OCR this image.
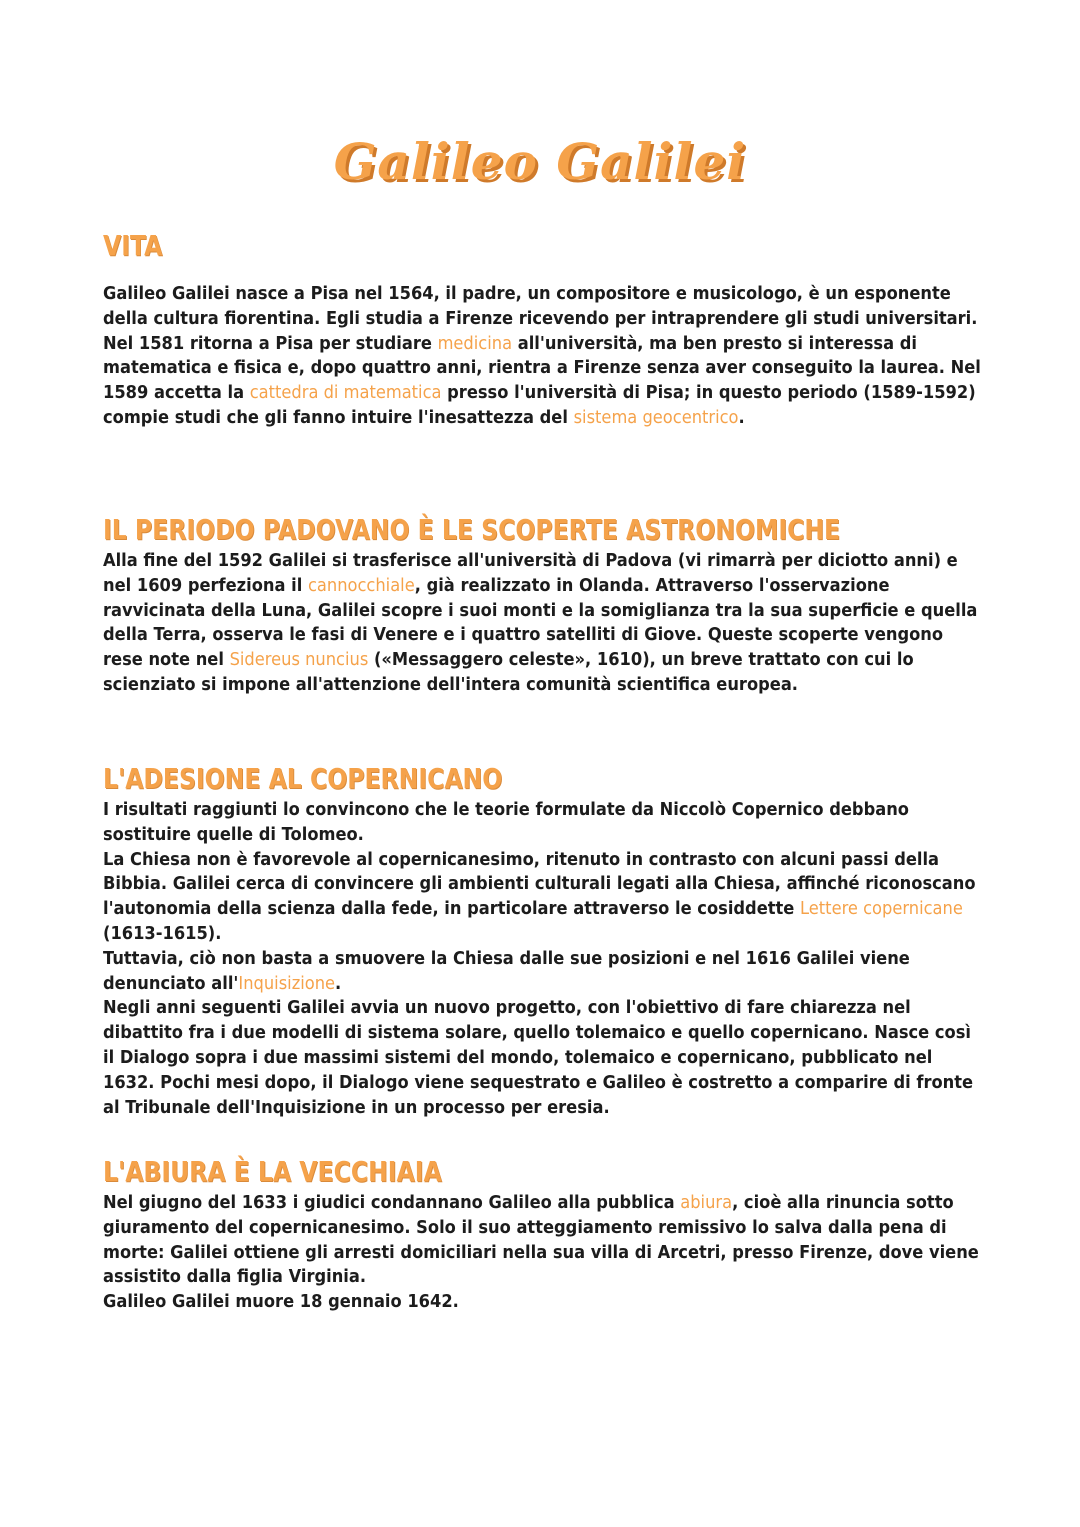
Galileo Galilei
VITA

Galileo Galilei nasce a Pisa nel 1564, il padre, un compositore e musicologo, è un esponente della cultura fiorentina. Egli studia a Firenze ricevendo per intraprendere gli studi universitari.

Nel 1581 ritorna a Pisa per studiare medicina all'università, ma ben presto si interessa di matematica e fisica e, dopo quattro anni, rientra a Firenze senza aver conseguito la laurea. Nel 1589 accetta la cattedra di matematica presso l'università di Pisa; in questo periodo (1589-1592) compie studi che gli fanno intuire l'inesattezza del sistema geocentrico.

IL PERIODO PADOVANO È LE SCOPERTE ASTRONOMICHE

Alla fine del 1592 Galilei si trasferisce all'università di Padova (vi rimarrà per diciotto anni) e nel 1609 perfeziona il cannocchiale, già realizzato in Olanda. Attraverso l'osservazione ravvicinata della Luna, Galilei scopre i suoi monti e la somiglianza tra la sua superficie e quella della Terra, osserva le fasi di Venere e i quattro satelliti di Giove. Queste scoperte vengono rese note nel Sidereus nuncius («Messaggero celeste», 1610), un breve trattato con cui lo scienziato si impone all'attenzione dell'intera comunità scientifica europea.

L'ADESIONE AL COPERNICANO

I risultati raggiunti lo convincono che le teorie formulate da Niccolò Copernico debbano sostituire quelle di Tolomeo.

La Chiesa non è favorevole al copernicanesimo, ritenuto in contrasto con alcuni passi della Bibbia. Galilei cerca di convincere gli ambienti culturali legati alla Chiesa, affinché riconoscano l'autonomia della scienza dalla fede, in particolare attraverso le cosiddette Lettere copernicane (1613-1615).

Tuttavia, ciò non basta a smuovere la Chiesa dalle sue posizioni e nel 1616 Galilei viene denunciato all'Inquisizione.

Negli anni seguenti Galilei avvia un nuovo progetto, con l'obiettivo di fare chiarezza nel dibattito fra i due modelli di sistema solare, quello tolemaico e quello copernicano. Nasce così il Dialogo sopra i due massimi sistemi del mondo, tolemaico e copernicano, pubblicato nel 1632. Pochi mesi dopo, il Dialogo viene sequestrato e Galileo è costretto a comparire di fronte al Tribunale dell'Inquisizione in un processo per eresia.

L'ABIURA È LA VECCHIAIA

Nel giugno del 1633 i giudici condannano Galileo alla pubblica abiura, cioè alla rinuncia sotto giuramento del copernicanesimo. Solo il suo atteggiamento remissivo lo salva dalla pena di morte: Galilei ottiene gli arresti domiciliari nella sua villa di Arcetri, presso Firenze, dove viene assistito dalla figlia Virginia.

Galileo Galilei muore 18 gennaio 1642.
